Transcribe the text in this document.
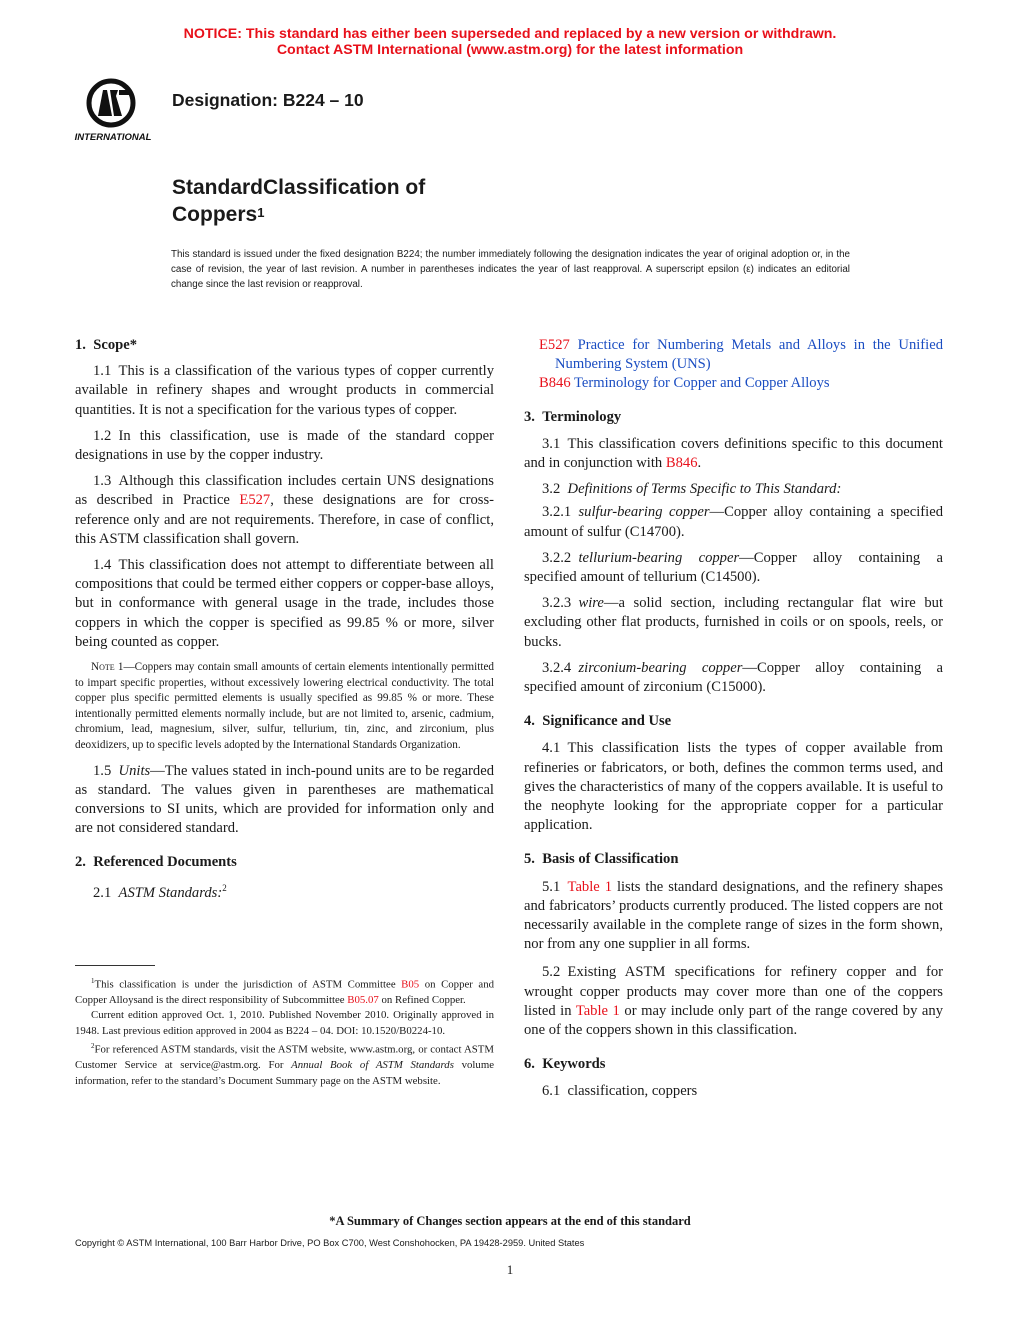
NOTICE: This standard has either been superseded and replaced by a new version or withdrawn.
Contact ASTM International (www.astm.org) for the latest information
INTERNATIONAL
Designation: B224 – 10
StandardClassification of
Coppers$^1$
This standard is issued under the fixed designation B224; the number immediately following the designation indicates the year of original adoption or, in the case of revision, the year of last revision. A number in parentheses indicates the year of last reapproval. A superscript epsilon (ε) indicates an editorial change since the last revision or reapproval.

1. Scope*

1.1 This is a classification of the various types of copper currently available in refinery shapes and wrought products in commercial quantities. It is not a specification for the various types of copper.

1.2 In this classification, use is made of the standard copper designations in use by the copper industry.

1.3 Although this classification includes certain UNS designations as described in Practice E527, these designations are for cross-reference only and are not requirements. Therefore, in case of conflict, this ASTM classification shall govern.

1.4 This classification does not attempt to differentiate between all compositions that could be termed either coppers or copper-base alloys, but in conformance with general usage in the trade, includes those coppers in which the copper is specified as 99.85 % or more, silver being counted as copper.

Note 1—Coppers may contain small amounts of certain elements intentionally permitted to impart specific properties, without excessively lowering electrical conductivity. The total copper plus specific permitted elements is usually specified as 99.85 % or more. These intentionally permitted elements normally include, but are not limited to, arsenic, cadmium, chromium, lead, magnesium, silver, sulfur, tellurium, tin, zinc, and zirconium, plus deoxidizers, up to specific levels adopted by the International Standards Organization.

1.5 Units—The values stated in inch-pound units are to be regarded as standard. The values given in parentheses are mathematical conversions to SI units, which are provided for information only and are not considered standard.

2. Referenced Documents

2.1 ASTM Standards:$^2$

$^1$This classification is under the jurisdiction of ASTM Committee B05 on Copper and Copper Alloysand is the direct responsibility of Subcommittee B05.07 on Refined Copper.

Current edition approved Oct. 1, 2010. Published November 2010. Originally approved in 1948. Last previous edition approved in 2004 as B224 – 04. DOI: 10.1520/B0224-10.

$^2$For referenced ASTM standards, visit the ASTM website, www.astm.org, or contact ASTM Customer Service at service@astm.org. For Annual Book of ASTM Standards volume information, refer to the standard’s Document Summary page on the ASTM website.

E527 Practice for Numbering Metals and Alloys in the Unified Numbering System (UNS)

B846 Terminology for Copper and Copper Alloys

3. Terminology

3.1 This classification covers definitions specific to this document and in conjunction with B846.

3.2 Definitions of Terms Specific to This Standard:

3.2.1 sulfur-bearing copper—Copper alloy containing a specified amount of sulfur (C14700).

3.2.2 tellurium-bearing copper—Copper alloy containing a specified amount of tellurium (C14500).

3.2.3 wire—a solid section, including rectangular flat wire but excluding other flat products, furnished in coils or on spools, reels, or bucks.

3.2.4 zirconium-bearing copper—Copper alloy containing a specified amount of zirconium (C15000).

4. Significance and Use

4.1 This classification lists the types of copper available from refineries or fabricators, or both, defines the common terms used, and gives the characteristics of many of the coppers available. It is useful to the neophyte looking for the appropriate copper for a particular application.

5. Basis of Classification

5.1 Table 1 lists the standard designations, and the refinery shapes and fabricators’ products currently produced. The listed coppers are not necessarily available in the complete range of sizes in the form shown, nor from any one supplier in all forms.

5.2 Existing ASTM specifications for refinery copper and for wrought copper products may cover more than one of the coppers listed in Table 1 or may include only part of the range covered by any one of the coppers shown in this classification.

6. Keywords

6.1 classification, coppers

*A Summary of Changes section appears at the end of this standard
Copyright © ASTM International, 100 Barr Harbor Drive, PO Box C700, West Conshohocken, PA 19428-2959. United States
1
